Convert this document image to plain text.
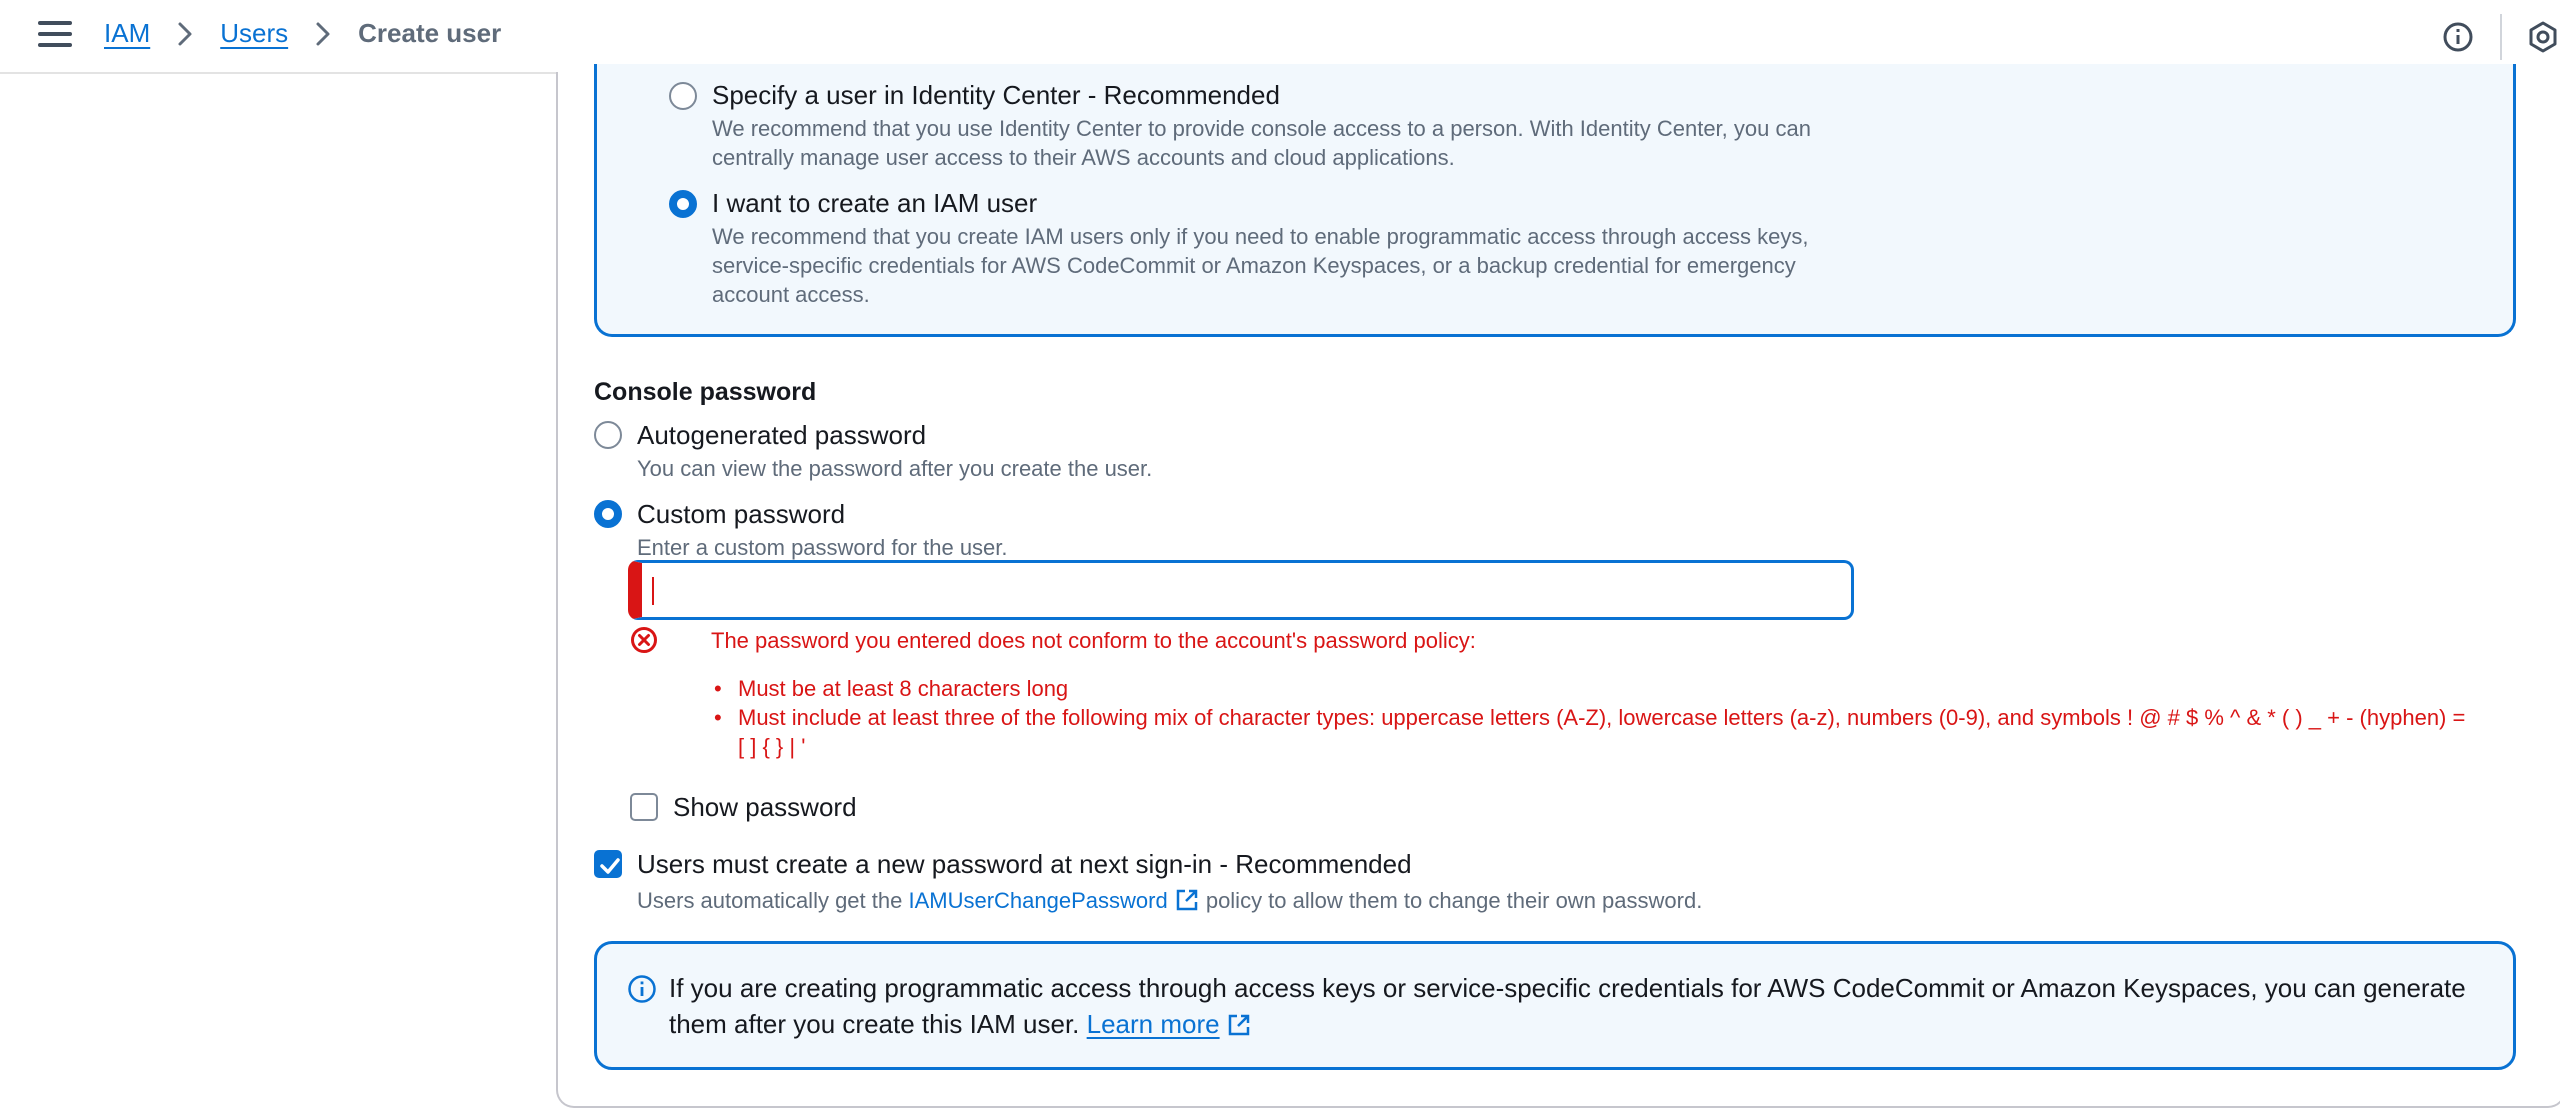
IAM	Users	Create user
Specify a user in Identity Center - Recommended
We recommend that you use Identity Center to provide console access to a person. With Identity Center, you can centrally manage user access to their AWS accounts and cloud applications.
I want to create an IAM user
We recommend that you create IAM users only if you need to enable programmatic access through access keys, service-specific credentials for AWS CodeCommit or Amazon Keyspaces, or a backup credential for emergency account access.
Console password
Autogenerated password
You can view the password after you create the user.
Custom password
Enter a custom password for the user.
The password you entered does not conform to the account's password policy:
• Must be at least 8 characters long
• Must include at least three of the following mix of character types: uppercase letters (A-Z), lowercase letters (a-z), numbers (0-9), and symbols ! @ # $ % ^ & * ( ) _ + - (hyphen) = [ ] { } | '
Show password
Users must create a new password at next sign-in - Recommended
Users automatically get the IAMUserChangePassword policy to allow them to change their own password.
If you are creating programmatic access through access keys or service-specific credentials for AWS CodeCommit or Amazon Keyspaces, you can generate them after you create this IAM user. Learn more
